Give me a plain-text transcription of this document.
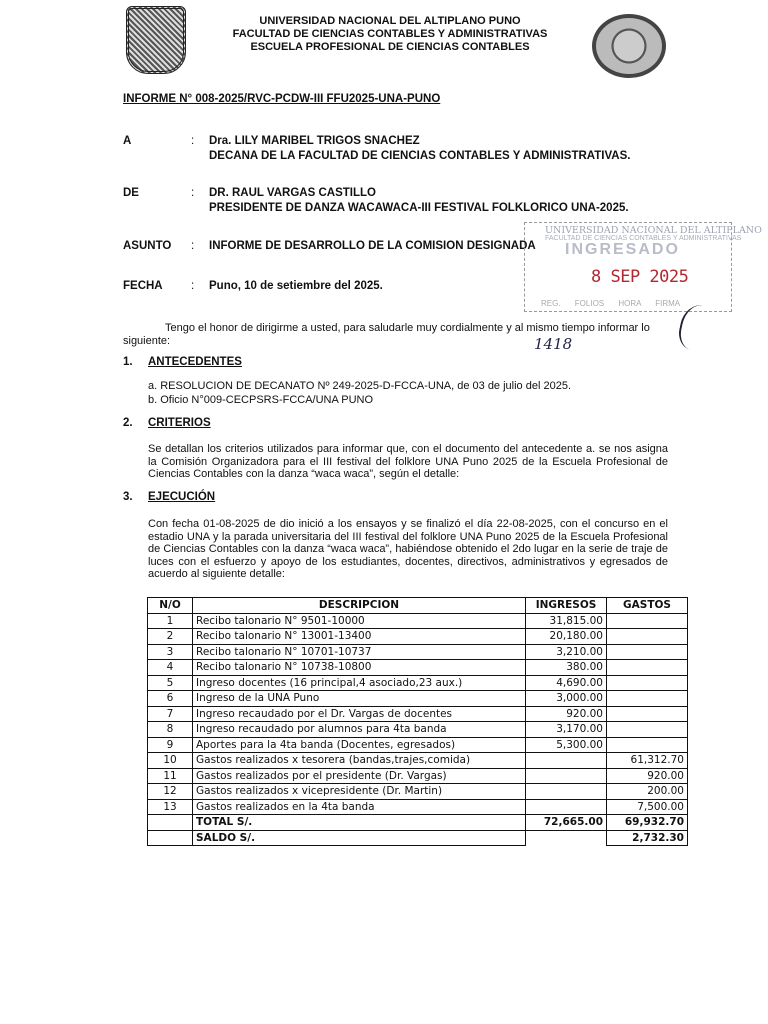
UNIVERSIDAD NACIONAL DEL ALTIPLANO PUNO
FACULTAD DE CIENCIAS CONTABLES Y ADMINISTRATIVAS
ESCUELA PROFESIONAL DE CIENCIAS CONTABLES
INFORME N° 008-2025/RVC-PCDW-III FFU2025-UNA-PUNO
A	: Dra. LILY MARIBEL TRIGOS SNACHEZ
DECANA DE LA FACULTAD DE CIENCIAS CONTABLES Y ADMINISTRATIVAS.
DE	: DR. RAUL VARGAS CASTILLO
PRESIDENTE DE DANZA WACAWACA-III FESTIVAL FOLKLORICO UNA-2025.
ASUNTO : INFORME DE DESARROLLO DE LA COMISION DESIGNADA
FECHA : Puno, 10 de setiembre del 2025.
UNIVERSIDAD NACIONAL DEL ALTIPLANO
FACULTAD DE CIENCIAS CONTABLES Y ADMINISTRATIVAS
INGRESADO
8 SEP 2025
REG. FOLIOS HORA FIRMA
Tengo el honor de dirigirme a usted, para saludarle muy cordialmente y al mismo tiempo informar lo siguiente:	1418
1. ANTECEDENTES
a. RESOLUCION DE DECANATO Nº 249-2025-D-FCCA-UNA, de 03 de julio del 2025.
b. Oficio N°009-CECPSRS-FCCA/UNA PUNO
2. CRITERIOS
Se detallan los criterios utilizados para informar que, con el documento del antecedente a. se nos asigna la Comisión Organizadora para el III festival del folklore UNA Puno 2025 de la Escuela Profesional de Ciencias Contables con la danza “waca waca”, según el detalle:
3. EJECUCIÓN
Con fecha 01-08-2025 de dio inició a los ensayos y se finalizó el día 22-08-2025, con el concurso en el estadio UNA y la parada universitaria del III festival del folklore UNA Puno 2025 de la Escuela Profesional de Ciencias Contables con la danza “waca waca”, habiéndose obtenido el 2do lugar en la serie de traje de luces con el esfuerzo y apoyo de los estudiantes, docentes, directivos, administrativos y egresados de acuerdo al siguiente detalle:
N/O	DESCRIPCION	INGRESOS	GASTOS
1	Recibo talonario N° 9501-10000	31,815.00	
2	Recibo talonario N° 13001-13400	20,180.00	
3	Recibo talonario N° 10701-10737	3,210.00	
4	Recibo talonario N° 10738-10800	380.00	
5	Ingreso docentes (16 principal,4 asociado,23 aux.)	4,690.00	
6	Ingreso de la UNA Puno	3,000.00	
7	Ingreso recaudado por el Dr. Vargas de docentes	920.00	
8	Ingreso recaudado por alumnos para 4ta banda	3,170.00	
9	Aportes para la 4ta banda (Docentes, egresados)	5,300.00	
10	Gastos realizados x tesorera (bandas,trajes,comida)		61,312.70
11	Gastos realizados por el presidente (Dr. Vargas)		920.00
12	Gastos realizados x vicepresidente (Dr. Martin)		200.00
13	Gastos realizados en la 4ta banda		7,500.00
	TOTAL S/.	72,665.00	69,932.70
	SALDO S/.		2,732.30
